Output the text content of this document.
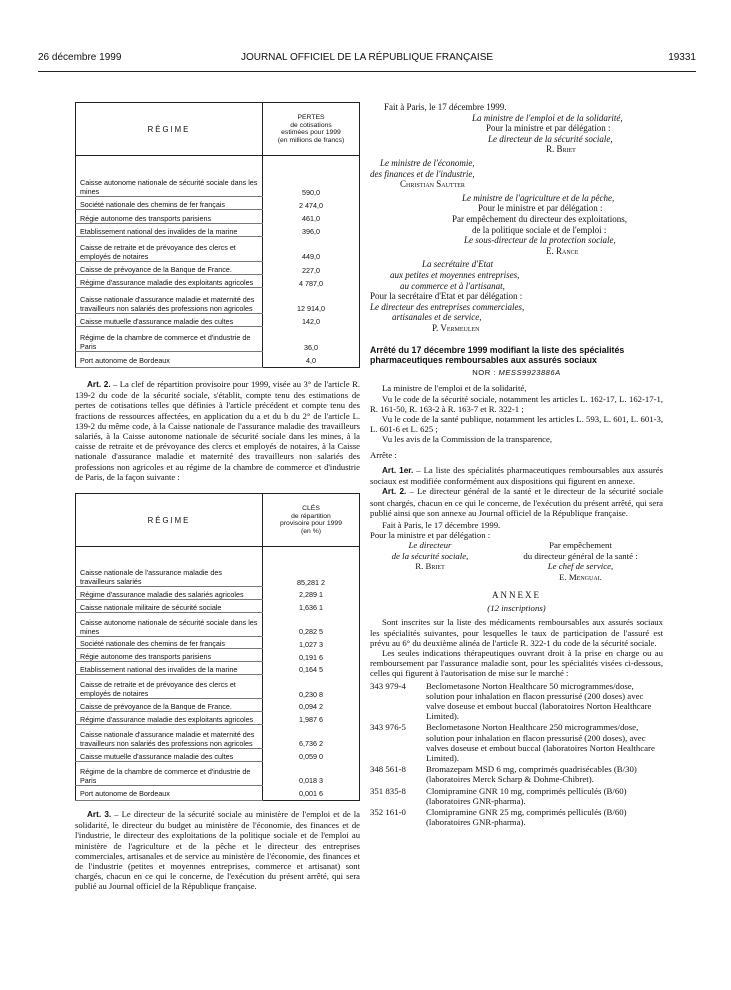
26 décembre 1999	JOURNAL OFFICIEL DE LA RÉPUBLIQUE FRANÇAISE	19331
RÉGIME	PERTES
de cotisations
estimées pour 1999
(en millions de francs)

Caisse autonome nationale de sécurité sociale dans les mines	590,0
Société nationale des chemins de fer français	2 474,0
Régie autonome des transports parisiens	461,0
Etablissement national des invalides de la marine	396,0
Caisse de retraite et de prévoyance des clercs et employés de notaires	449,0
Caisse de prévoyance de la Banque de France.	227,0
Régime d'assurance maladie des exploitants agricoles	4 787,0
Caisse nationale d'assurance maladie et maternité des travailleurs non salariés des professions non agricoles	12 914,0
Caisse mutuelle d'assurance maladie des cultes	142,0
Régime de la chambre de commerce et d'industrie de Paris	36,0
Port autonome de Bordeaux	4,0

Art. 2. – La clef de répartition provisoire pour 1999, visée au 3° de l'article R. 139-2 du code de la sécurité sociale, s'établit, compte tenu des estimations de pertes de cotisations telles que définies à l'article précédent et compte tenu des fractions de ressources affectées, en application du a et du b du 2° de l'article L. 139-2 du même code, à la Caisse nationale de l'assurance maladie des travailleurs salariés, à la Caisse autonome nationale de sécurité sociale dans les mines, à la caisse de retraite et de prévoyance des clercs et employés de notaires, à la Caisse nationale d'assurance maladie et maternité des travailleurs non salariés des professions non agricoles et au régime de la chambre de commerce et d'industrie de Paris, de la façon suivante :

RÉGIME	CLÉS
de répartition
provisoire pour 1999
(en %)

Caisse nationale de l'assurance maladie des travailleurs salariés	85,281 2
Régime d'assurance maladie des salariés agricoles	2,289 1
Caisse nationale militaire de sécurité sociale	1,636 1
Caisse autonome nationale de sécurité sociale dans les mines	0,282 5
Société nationale des chemins de fer français	1,027 3
Régie autonome des transports parisiens	0,191 6
Etablissement national des invalides de la marine	0,164 5
Caisse de retraite et de prévoyance des clercs et employés de notaires	0,230 8
Caisse de prévoyance de la Banque de France.	0,094 2
Régime d'assurance maladie des exploitants agricoles	1,987 6
Caisse nationale d'assurance maladie et maternité des travailleurs non salariés des professions non agricoles	6,736 2
Caisse mutuelle d'assurance maladie des cultes	0,059 0
Régime de la chambre de commerce et d'industrie de Paris	0,018 3
Port autonome de Bordeaux	0,001 6

Art. 3. – Le directeur de la sécurité sociale au ministère de l'emploi et de la solidarité, le directeur du budget au ministère de l'économie, des finances et de l'industrie, le directeur des exploitations de la politique sociale et de l'emploi au ministère de l'agriculture et de la pêche et le directeur des entreprises commerciales, artisanales et de service au ministère de l'économie, des finances et de l'industrie (petites et moyennes entreprises, commerce et artisanat) sont chargés, chacun en ce qui le concerne, de l'exécution du présent arrêté, qui sera publié au Journal officiel de la République française.

Fait à Paris, le 17 décembre 1999.
La ministre de l'emploi et de la solidarité,
Pour la ministre et par délégation :
Le directeur de la sécurité sociale,
R. Briet
Le ministre de l'économie,
des finances et de l'industrie,
Christian Sautter
Le ministre de l'agriculture et de la pêche,
Pour le ministre et par délégation :
Par empêchement du directeur des exploitations,
de la politique sociale et de l'emploi :
Le sous-directeur de la protection sociale,
E. Rance
La secrétaire d'Etat
aux petites et moyennes entreprises,
au commerce et à l'artisanat,
Pour la secrétaire d'Etat et par délégation :
Le directeur des entreprises commerciales,
artisanales et de service,
P. Vermeulen
Arrêté du 17 décembre 1999 modifiant la liste des spécialités pharmaceutiques remboursables aux assurés sociaux
NOR : MESS9923886A

La ministre de l'emploi et de la solidarité,

Vu le code de la sécurité sociale, notamment les articles L. 162-17, L. 162-17-1, R. 161-50, R. 163-2 à R. 163-7 et R. 322-1 ;

Vu le code de la santé publique, notamment les articles L. 593, L. 601, L. 601-3, L. 601-6 et L. 625 ;

Vu les avis de la Commission de la transparence,

Arrête :

Art. 1er. – La liste des spécialités pharmaceutiques remboursables aux assurés sociaux est modifiée conformément aux dispositions qui figurent en annexe.

Art. 2. – Le directeur général de la santé et le directeur de la sécurité sociale sont chargés, chacun en ce qui le concerne, de l'exécution du présent arrêté, qui sera publié ainsi que son annexe au Journal officiel de la République française.

Fait à Paris, le 17 décembre 1999.

Pour la ministre et par délégation :

Le directeur
de la sécurité sociale,
R. Briet
Par empêchement
du directeur général de la santé :
Le chef de service,
E. Menguai.
ANNEXE
(12 inscriptions)

Sont inscrites sur la liste des médicaments remboursables aux assurés sociaux les spécialités suivantes, pour lesquelles le taux de participation de l'assuré est prévu au 6° du deuxième alinéa de l'article R. 322-1 du code de la sécurité sociale.

Les seules indications thérapeutiques ouvrant droit à la prise en charge ou au remboursement par l'assurance maladie sont, pour les spécialités visées ci-dessous, celles qui figurent à l'autorisation de mise sur le marché :

343 979-4 Beclometasone Norton Healthcare 50 microgrammes/dose, solution pour inhalation en flacon pressurisé (200 doses) avec valve doseuse et embout buccal (laboratoires Norton Healthcare Limited).
343 976-5 Beclometasone Norton Healthcare 250 microgrammes/dose, solution pour inhalation en flacon pressurisé (200 doses), avec valves doseuse et embout buccal (laboratoires Norton Healthcare Limited).
348 561-8 Bromazepam MSD 6 mg, comprimés quadrisécables (B/30) (laboratoires Merck Scharp & Dohme-Chibret).
351 835-8 Clomipramine GNR 10 mg, comprimés pelliculés (B/60) (laboratoires GNR-pharma).
352 161-0 Clomipramine GNR 25 mg, comprimés pelliculés (B/60) (laboratoires GNR-pharma).
